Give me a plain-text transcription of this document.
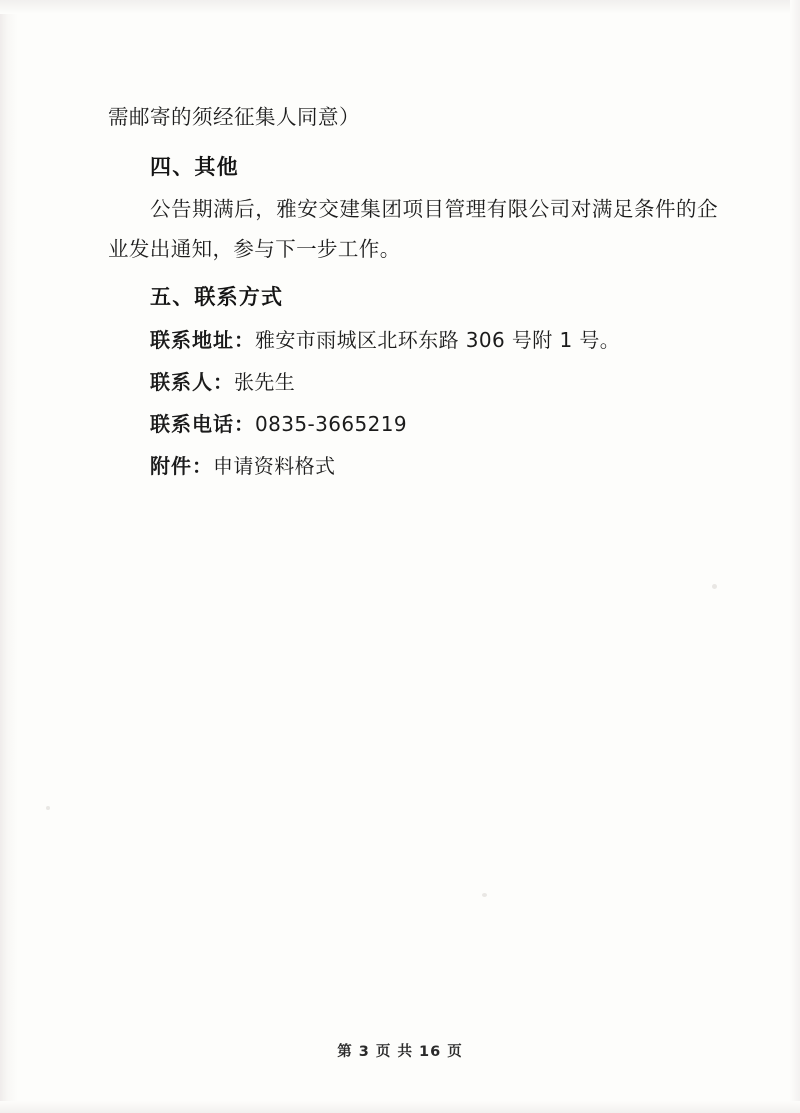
需邮寄的须经征集人同意）
四、其他

公告期满后，雅安交建集团项目管理有限公司对满足条件的企业发出通知，参与下一步工作。

五、联系方式

联系地址：雅安市雨城区北环东路 306 号附 1 号。

联系人：张先生

联系电话：0835-3665219

附件：申请资料格式

第 3 页 共 16 页
